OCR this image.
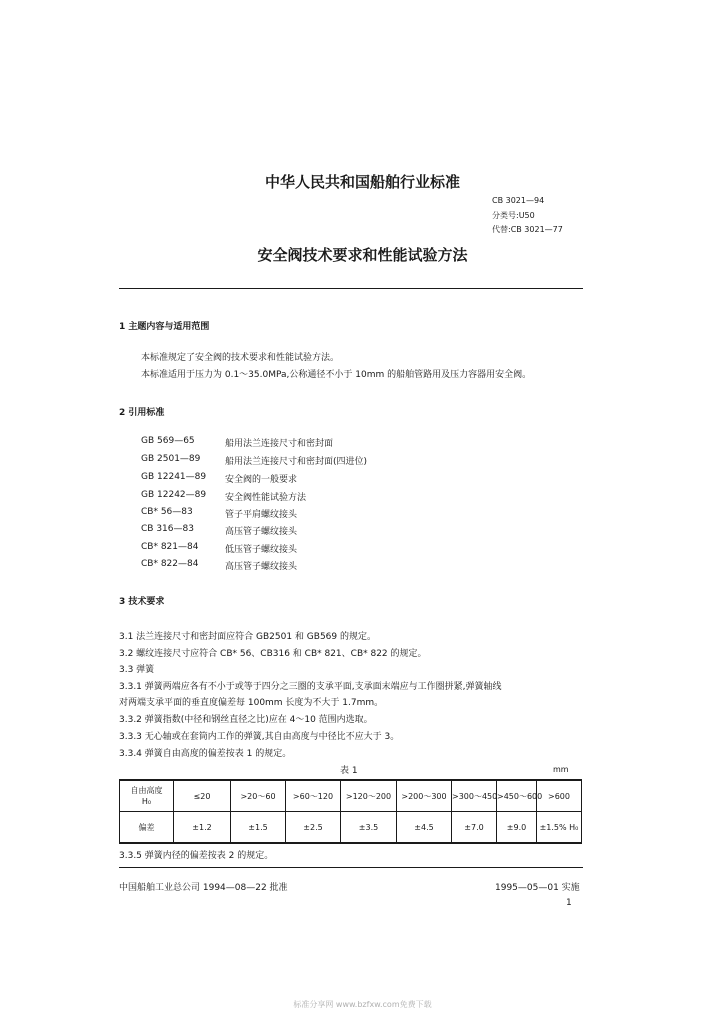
中华人民共和国船舶行业标准
CB 3021—94
分类号:U50
代替:CB 3021—77
安全阀技术要求和性能试验方法
1 主题内容与适用范围
本标准规定了安全阀的技术要求和性能试验方法。
本标准适用于压力为 0.1～35.0MPa,公称通径不小于 10mm 的船舶管路用及压力容器用安全阀。
2 引用标准
GB 569—65	船用法兰连接尺寸和密封面
GB 2501—89	船用法兰连接尺寸和密封面(四进位)
GB 12241—89 安全阀的一般要求
GB 12242—89 安全阀性能试验方法
CB* 56—83	管子平肩螺纹接头
CB 316—83	高压管子螺纹接头
CB* 821—84	低压管子螺纹接头
CB* 822—84	高压管子螺纹接头
3 技术要求
3.1 法兰连接尺寸和密封面应符合 GB2501 和 GB569 的规定。
3.2 螺纹连接尺寸应符合 CB* 56、CB316 和 CB* 821、CB* 822 的规定。
3.3 弹簧
3.3.1 弹簧两端应各有不小于或等于四分之三圈的支承平面,支承面末端应与工作圈拼紧,弹簧轴线
对两端支承平面的垂直度偏差每 100mm 长度为不大于 1.7mm。
3.3.2 弹簧指数(中径和钢丝直径之比)应在 4～10 范围内选取。
3.3.3 无心轴或在套筒内工作的弹簧,其自由高度与中径比不应大于 3。
3.3.4 弹簧自由高度的偏差按表 1 的规定。
表 1	mm
自由高度
H₀	≤20	>20～60	>60～120	>120～200	>200～300	>300～450	>450～600	>600
偏差	±1.2	±1.5	±2.5	±3.5	±4.5	±7.0	±9.0	±1.5% H₀
3.3.5 弹簧内径的偏差按表 2 的规定。
中国船舶工业总公司 1994—08—22 批准	1995—05—01 实施
1
标准分享网 www.bzfxw.com免费下载
